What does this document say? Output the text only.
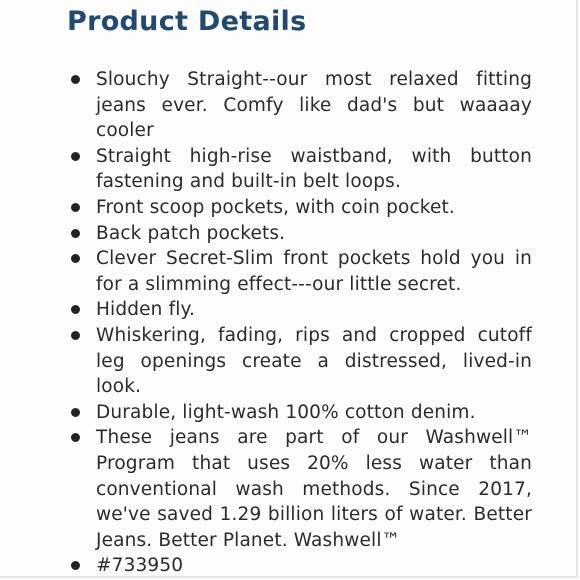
Product Details
Slouchy Straight--our most relaxed fitting jeans ever. Comfy like dad's but waaaay cooler
Straight high-rise waistband, with button fastening and built-in belt loops.
Front scoop pockets, with coin pocket.
Back patch pockets.
Clever Secret-Slim front pockets hold you in for a slimming effect---our little secret.
Hidden fly.
Whiskering, fading, rips and cropped cutoff leg openings create a distressed, lived-in look.
Durable, light-wash 100% cotton denim.
These jeans are part of our Washwell™ Program that uses 20% less water than conventional wash methods. Since 2017, we've saved 1.29 billion liters of water. Better Jeans. Better Planet. Washwell™
#733950
